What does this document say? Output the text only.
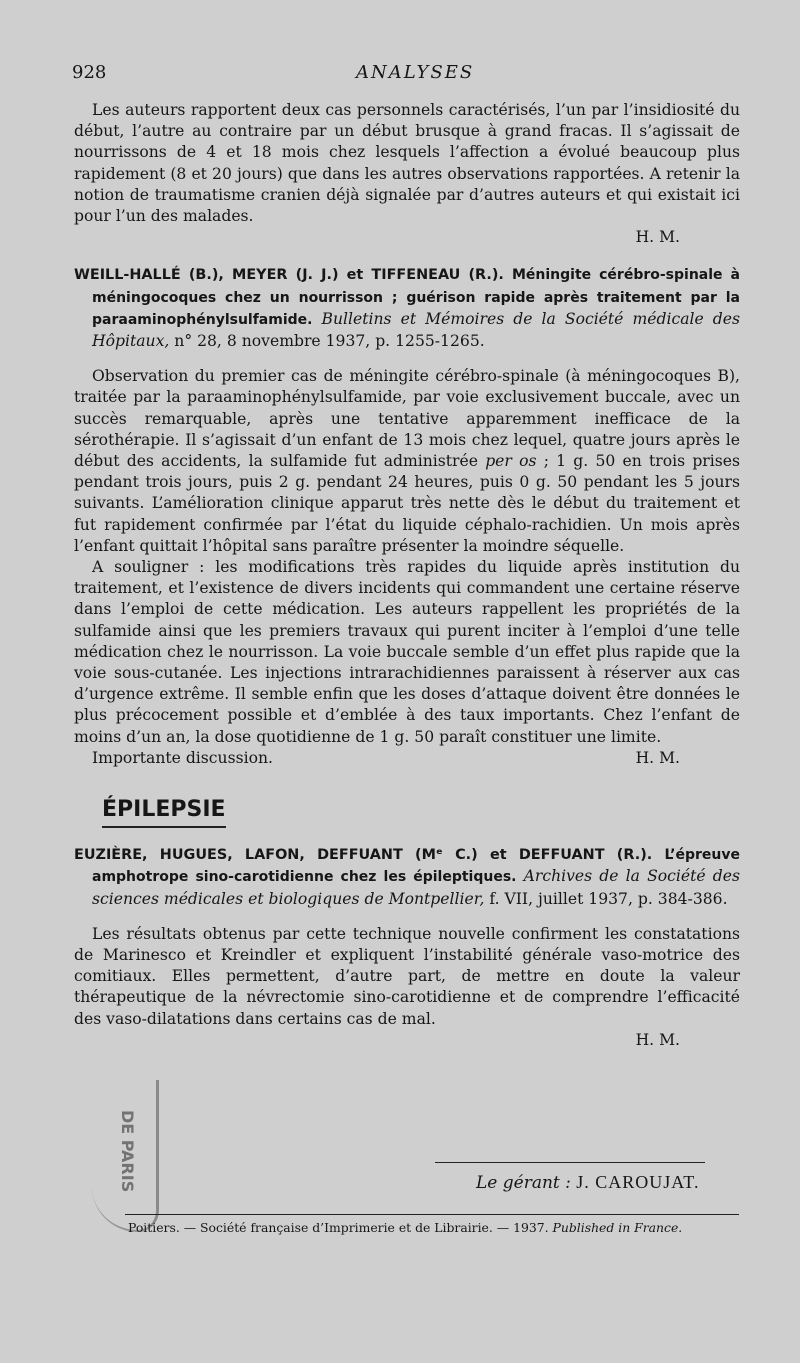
928	ANALYSES

Les auteurs rapportent deux cas personnels caractérisés, l’un par l’insidiosité du début, l’autre au contraire par un début brusque à grand fracas. Il s’agissait de nourrissons de 4 et 18 mois chez lesquels l’affection a évolué beaucoup plus rapidement (8 et 20 jours) que dans les autres observations rapportées. A retenir la notion de traumatisme cranien déjà signalée par d’autres auteurs et qui existait ici pour l’un des malades.

H. M.

WEILL-HALLÉ (B.), MEYER (J. J.) et TIFFENEAU (R.). Méningite cérébro-spinale à méningocoques chez un nourrisson ; guérison rapide après traitement par la paraaminophénylsulfamide. Bulletins et Mémoires de la Société médicale des Hôpitaux, n° 28, 8 novembre 1937, p. 1255-1265.

Observation du premier cas de méningite cérébro-spinale (à méningocoques B), traitée par la paraaminophénylsulfamide, par voie exclusivement buccale, avec un succès remarquable, après une tentative apparemment inefficace de la sérothérapie. Il s’agissait d’un enfant de 13 mois chez lequel, quatre jours après le début des accidents, la sulfamide fut administrée per os ; 1 g. 50 en trois prises pendant trois jours, puis 2 g. pendant 24 heures, puis 0 g. 50 pendant les 5 jours suivants. L’amélioration clinique apparut très nette dès le début du traitement et fut rapidement confirmée par l’état du liquide céphalo-rachidien. Un mois après l’enfant quittait l’hôpital sans paraître présenter la moindre séquelle.

A souligner : les modifications très rapides du liquide après institution du traitement, et l’existence de divers incidents qui commandent une certaine réserve dans l’emploi de cette médication. Les auteurs rappellent les propriétés de la sulfamide ainsi que les premiers travaux qui purent inciter à l’emploi d’une telle médication chez le nourrisson. La voie buccale semble d’un effet plus rapide que la voie sous-cutanée. Les injections intrarachidiennes paraissent à réserver aux cas d’urgence extrême. Il semble enfin que les doses d’attaque doivent être données le plus précocement possible et d’emblée à des taux importants. Chez l’enfant de moins d’un an, la dose quotidienne de 1 g. 50 paraît constituer une limite.

Importante discussion.	H. M.

ÉPILEPSIE

EUZIÈRE, HUGUES, LAFON, DEFFUANT (Mᵉ C.) et DEFFUANT (R.). L’épreuve amphotrope sino-carotidienne chez les épileptiques. Archives de la Société des sciences médicales et biologiques de Montpellier, f. VII, juillet 1937, p. 384-386.

Les résultats obtenus par cette technique nouvelle confirment les constatations de Marinesco et Kreindler et expliquent l’instabilité générale vaso-motrice des comitiaux. Elles permettent, d’autre part, de mettre en doute la valeur thérapeutique de la névrectomie sino-carotidienne et de comprendre l’efficacité des vaso-dilatations dans certains cas de mal.

H. M.

DE PARIS	Le gérant : J. CAROUJAT.
Poitiers. — Société française d’Imprimerie et de Librairie. — 1937. Published in France.
